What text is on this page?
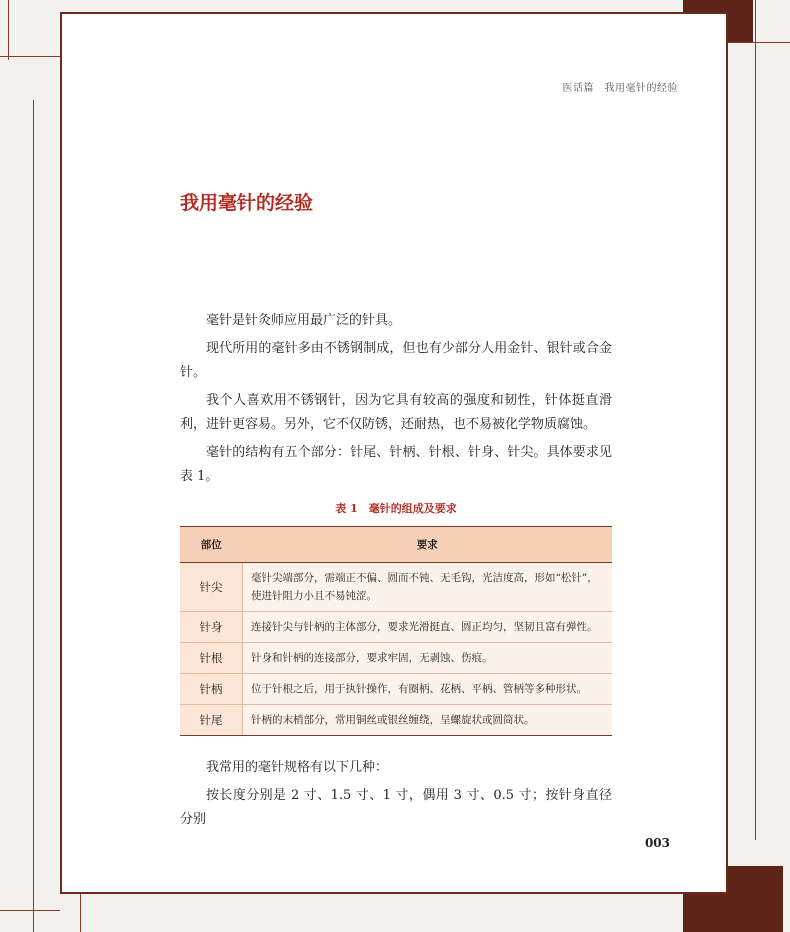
医话篇　我用毫针的经验
我用毫针的经验

毫针是针灸师应用最广泛的针具。

现代所用的毫针多由不锈钢制成，但也有少部分人用金针、银针或合金针。

我个人喜欢用不锈钢针，因为它具有较高的强度和韧性，针体挺直滑利，进针更容易。另外，它不仅防锈，还耐热，也不易被化学物质腐蚀。

毫针的结构有五个部分：针尾、针柄、针根、针身、针尖。具体要求见表 1。

表 1　毫针的组成及要求
部位	要求
针尖	毫针尖端部分，需端正不偏、圆而不钝、无毛钩，光洁度高，形如“松针”，使进针阻力小且不易钝涩。
针身	连接针尖与针柄的主体部分，要求光滑挺直、圆正均匀，坚韧且富有弹性。
针根	针身和针柄的连接部分，要求牢固，无剥蚀、伤痕。
针柄	位于针根之后，用于执针操作，有圈柄、花柄、平柄、管柄等多种形状。
针尾	针柄的末梢部分，常用铜丝或银丝缠绕，呈螺旋状或圆筒状。

我常用的毫针规格有以下几种：

按长度分别是 2 寸、1.5 寸、1 寸，偶用 3 寸、0.5 寸；按针身直径分别

003
